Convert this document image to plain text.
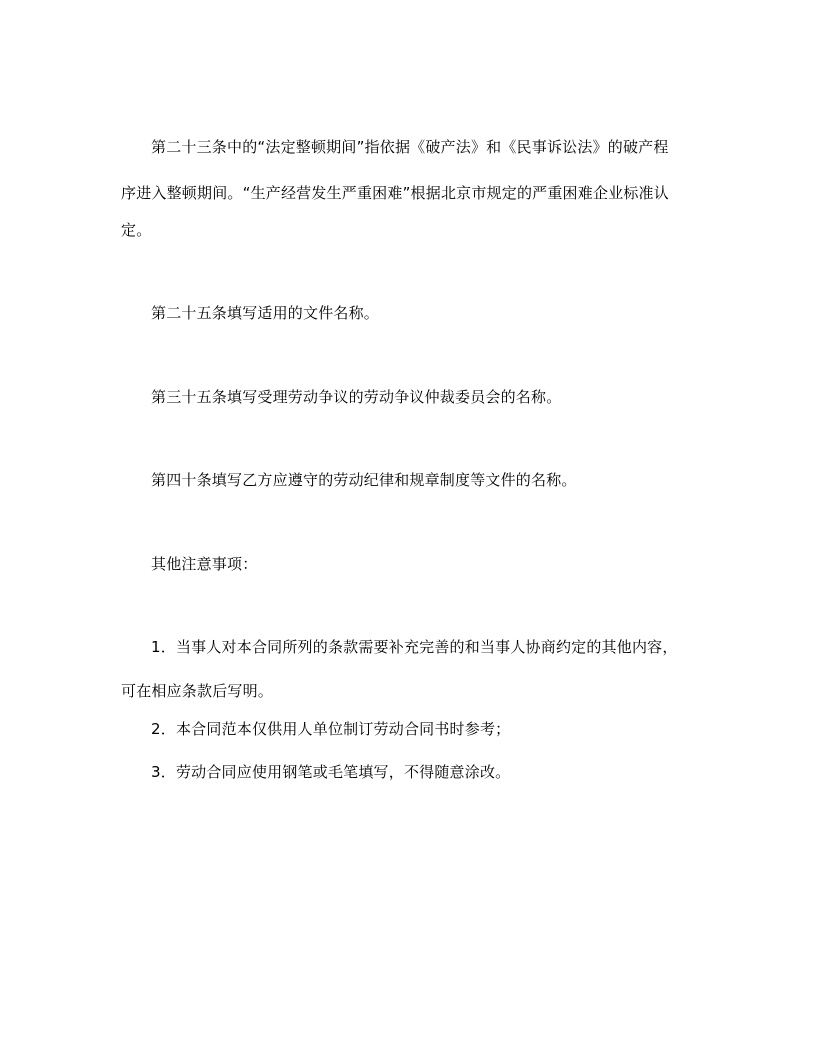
第二十三条中的“法定整顿期间”指依据《破产法》和《民事诉讼法》的破产程
序进入整顿期间。“生产经营发生严重困难”根据北京市规定的严重困难企业标准认
定。
第二十五条填写适用的文件名称。
第三十五条填写受理劳动争议的劳动争议仲裁委员会的名称。
第四十条填写乙方应遵守的劳动纪律和规章制度等文件的名称。
其他注意事项：
1．当事人对本合同所列的条款需要补充完善的和当事人协商约定的其他内容，
可在相应条款后写明。
2．本合同范本仅供用人单位制订劳动合同书时参考；
3．劳动合同应使用钢笔或毛笔填写，不得随意涂改。
